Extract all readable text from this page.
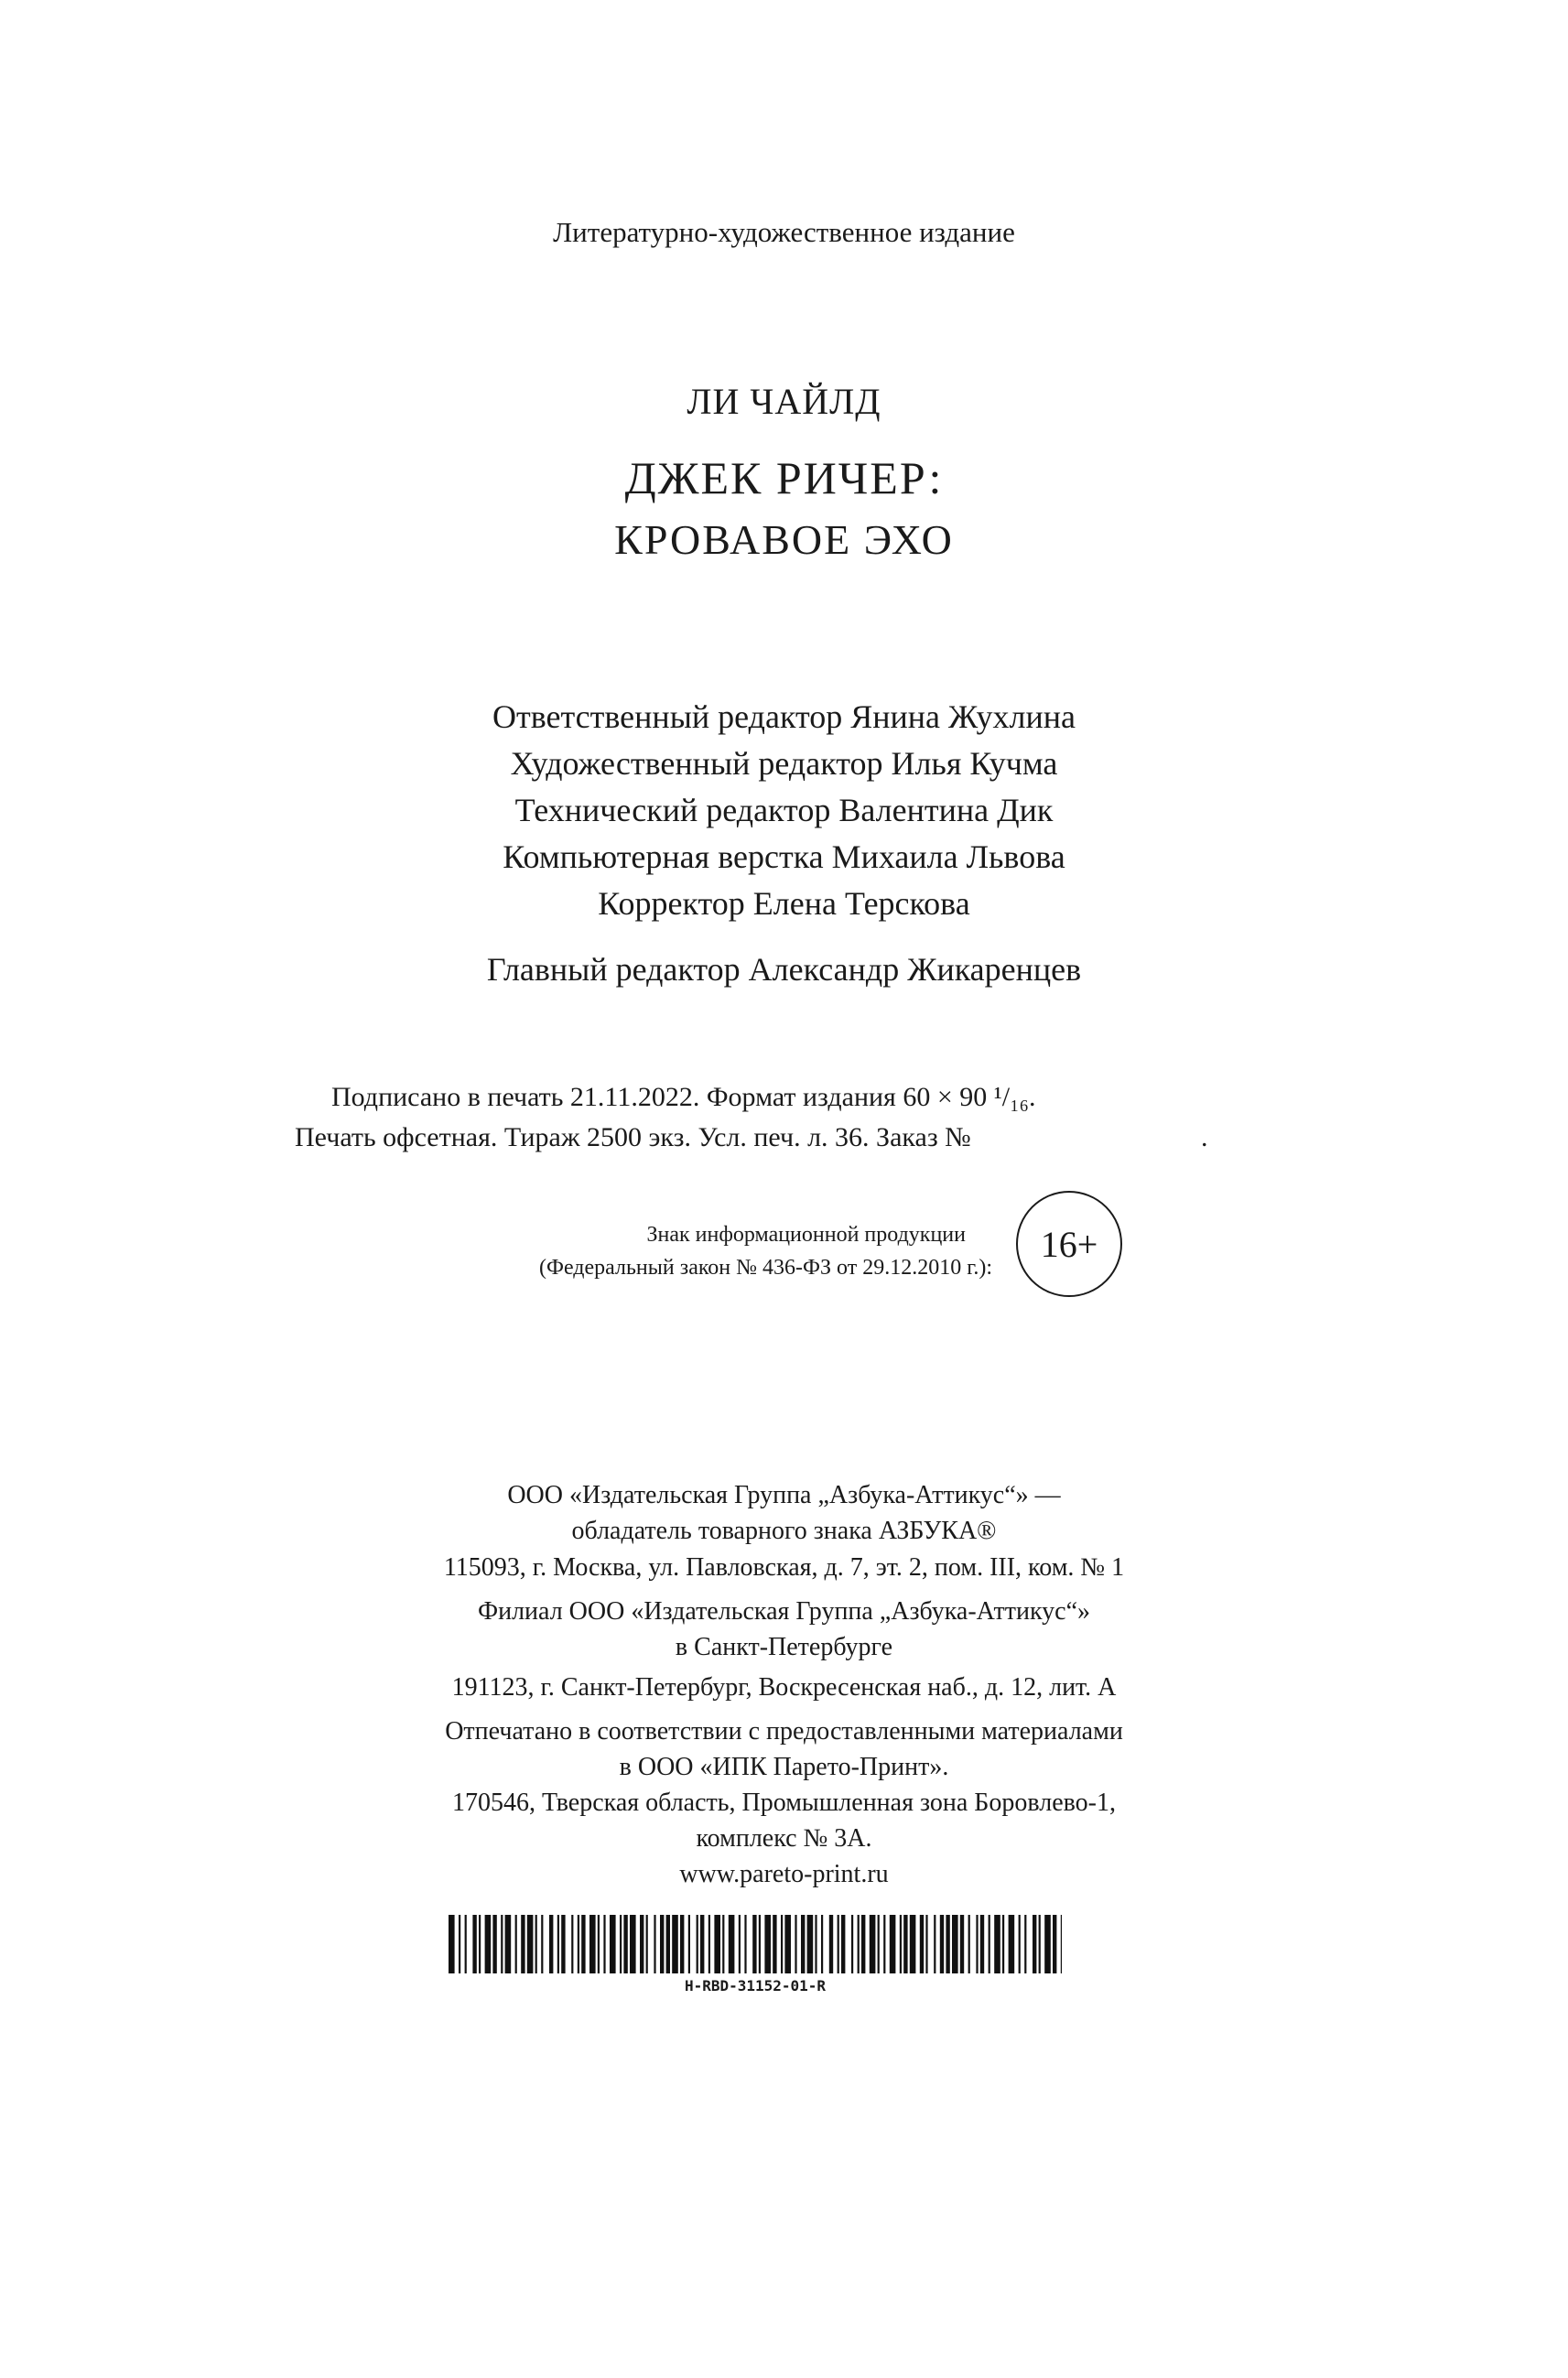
Литературно-художественное издание
ЛИ ЧАЙЛД
ДЖЕК РИЧЕР:
КРОВАВОЕ ЭХО
Ответственный редактор Янина Жухлина
Художественный редактор Илья Кучма
Технический редактор Валентина Дик
Компьютерная верстка Михаила Львова
Корректор Елена Терскова
Главный редактор Александр Жикаренцев
Подписано в печать 21.11.2022. Формат издания 60 × 90 ¹/₁₆.
Печать офсетная. Тираж 2500 экз. Усл. печ. л. 36. Заказ №	.
Знак информационной продукции
(Федеральный закон № 436-ФЗ от 29.12.2010 г.):
16+
ООО «Издательская Группа „Азбука-Аттикус“» —
обладатель товарного знака АЗБУКА®
115093, г. Москва, ул. Павловская, д. 7, эт. 2, пом. III, ком. № 1
Филиал ООО «Издательская Группа „Азбука-Аттикус“»
в Санкт-Петербурге
191123, г. Санкт-Петербург, Воскресенская наб., д. 12, лит. А
Отпечатано в соответствии с предоставленными материалами
в ООО «ИПК Парето-Принт».
170546, Тверская область, Промышленная зона Боровлево-1,
комплекс № 3А.
www.pareto-print.ru
H-RBD-31152-01-R
